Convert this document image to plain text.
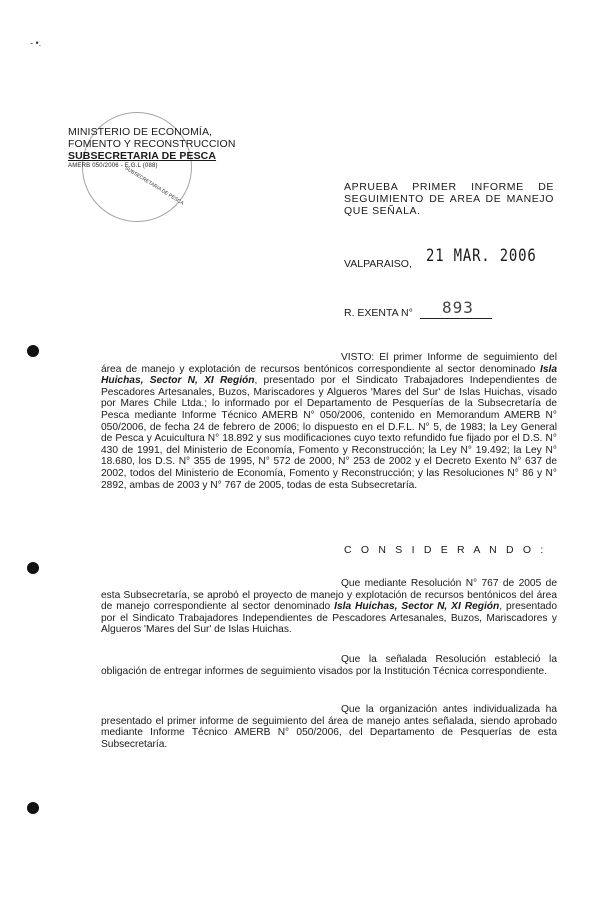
- •.
SUBSECRETARIA DE PESCA
MINISTERIO DE ECONOMÍA,
FOMENTO Y RECONSTRUCCION
SUBSECRETARIA DE PESCA
AMERB 050/2006 - E.G.L (088)
APRUEBA PRIMER INFORME DE SEGUIMIENTO DE AREA DE MANEJO QUE SEÑALA.
VALPARAISO, 21 MAR. 2006
R. EXENTA N° 893
VISTO: El primer Informe de seguimiento del área de manejo y explotación de recursos bentónicos correspondiente al sector denominado Isla Huichas, Sector N, XI Región, presentado por el Sindicato Trabajadores Independientes de Pescadores Artesanales, Buzos, Mariscadores y Algueros 'Mares del Sur' de Islas Huichas, visado por Mares Chile Ltda.; lo informado por el Departamento de Pesquerías de la Subsecretaría de Pesca mediante Informe Técnico AMERB N° 050/2006, contenido en Memorandum AMERB N° 050/2006, de fecha 24 de febrero de 2006; lo dispuesto en el D.F.L. N° 5, de 1983; la Ley General de Pesca y Acuicultura N° 18.892 y sus modificaciones cuyo texto refundido fue fijado por el D.S. N° 430 de 1991, del Ministerio de Economía, Fomento y Reconstrucción; la Ley N° 19.492; la Ley N° 18.680, los D.S. N° 355 de 1995, N° 572 de 2000, N° 253 de 2002 y el Decreto Exento N° 637 de 2002, todos del Ministerio de Economía, Fomento y Reconstrucción; y las Resoluciones N° 86 y N° 2892, ambas de 2003 y N° 767 de 2005, todas de esta Subsecretaría.
C O N S I D E R A N D O :
Que mediante Resolución N° 767 de 2005 de esta Subsecretaría, se aprobó el proyecto de manejo y explotación de recursos bentónicos del área de manejo correspondiente al sector denominado Isla Huichas, Sector N, XI Región, presentado por el Sindicato Trabajadores Independientes de Pescadores Artesanales, Buzos, Mariscadores y Algueros 'Mares del Sur' de Islas Huichas.
Que la señalada Resolución estableció la obligación de entregar informes de seguimiento visados por la Institución Técnica correspondiente.
Que la organización antes individualizada ha presentado el primer informe de seguimiento del área de manejo antes señalada, siendo aprobado mediante Informe Técnico AMERB N° 050/2006, del Departamento de Pesquerías de esta Subsecretaría.
